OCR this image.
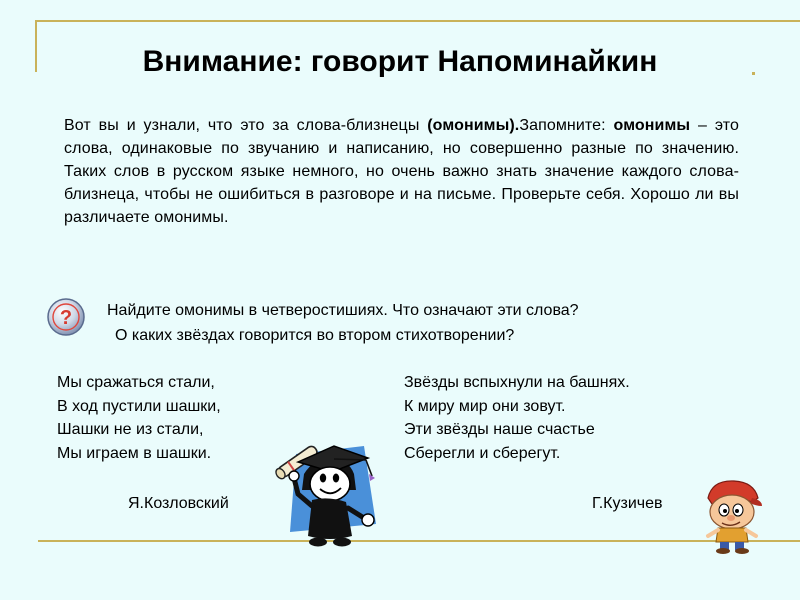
Внимание: говорит Напоминайкин
Вот вы и узнали, что это за слова-близнецы (омонимы).Запомните: омонимы – это слова, одинаковые по звучанию и написанию, но совершенно разные по значению. Таких слов в русском языке немного, но очень важно знать значение каждого слова-близнеца, чтобы не ошибиться в разговоре и на письме. Проверьте себя. Хорошо ли вы различаете омонимы.
? Найдите омонимы в четверостишиях. Что означают эти слова?
О каких звёздах говорится во втором стихотворении?
Мы сражаться стали,
В ход пустили шашки,
Шашки не из стали,
Мы играем в шашки.
Звёзды вспыхнули на башнях.
К миру мир они зовут.
Эти звёзды наше счастье
Сберегли и сберегут.
Я.Козловский	Г.Кузичев
